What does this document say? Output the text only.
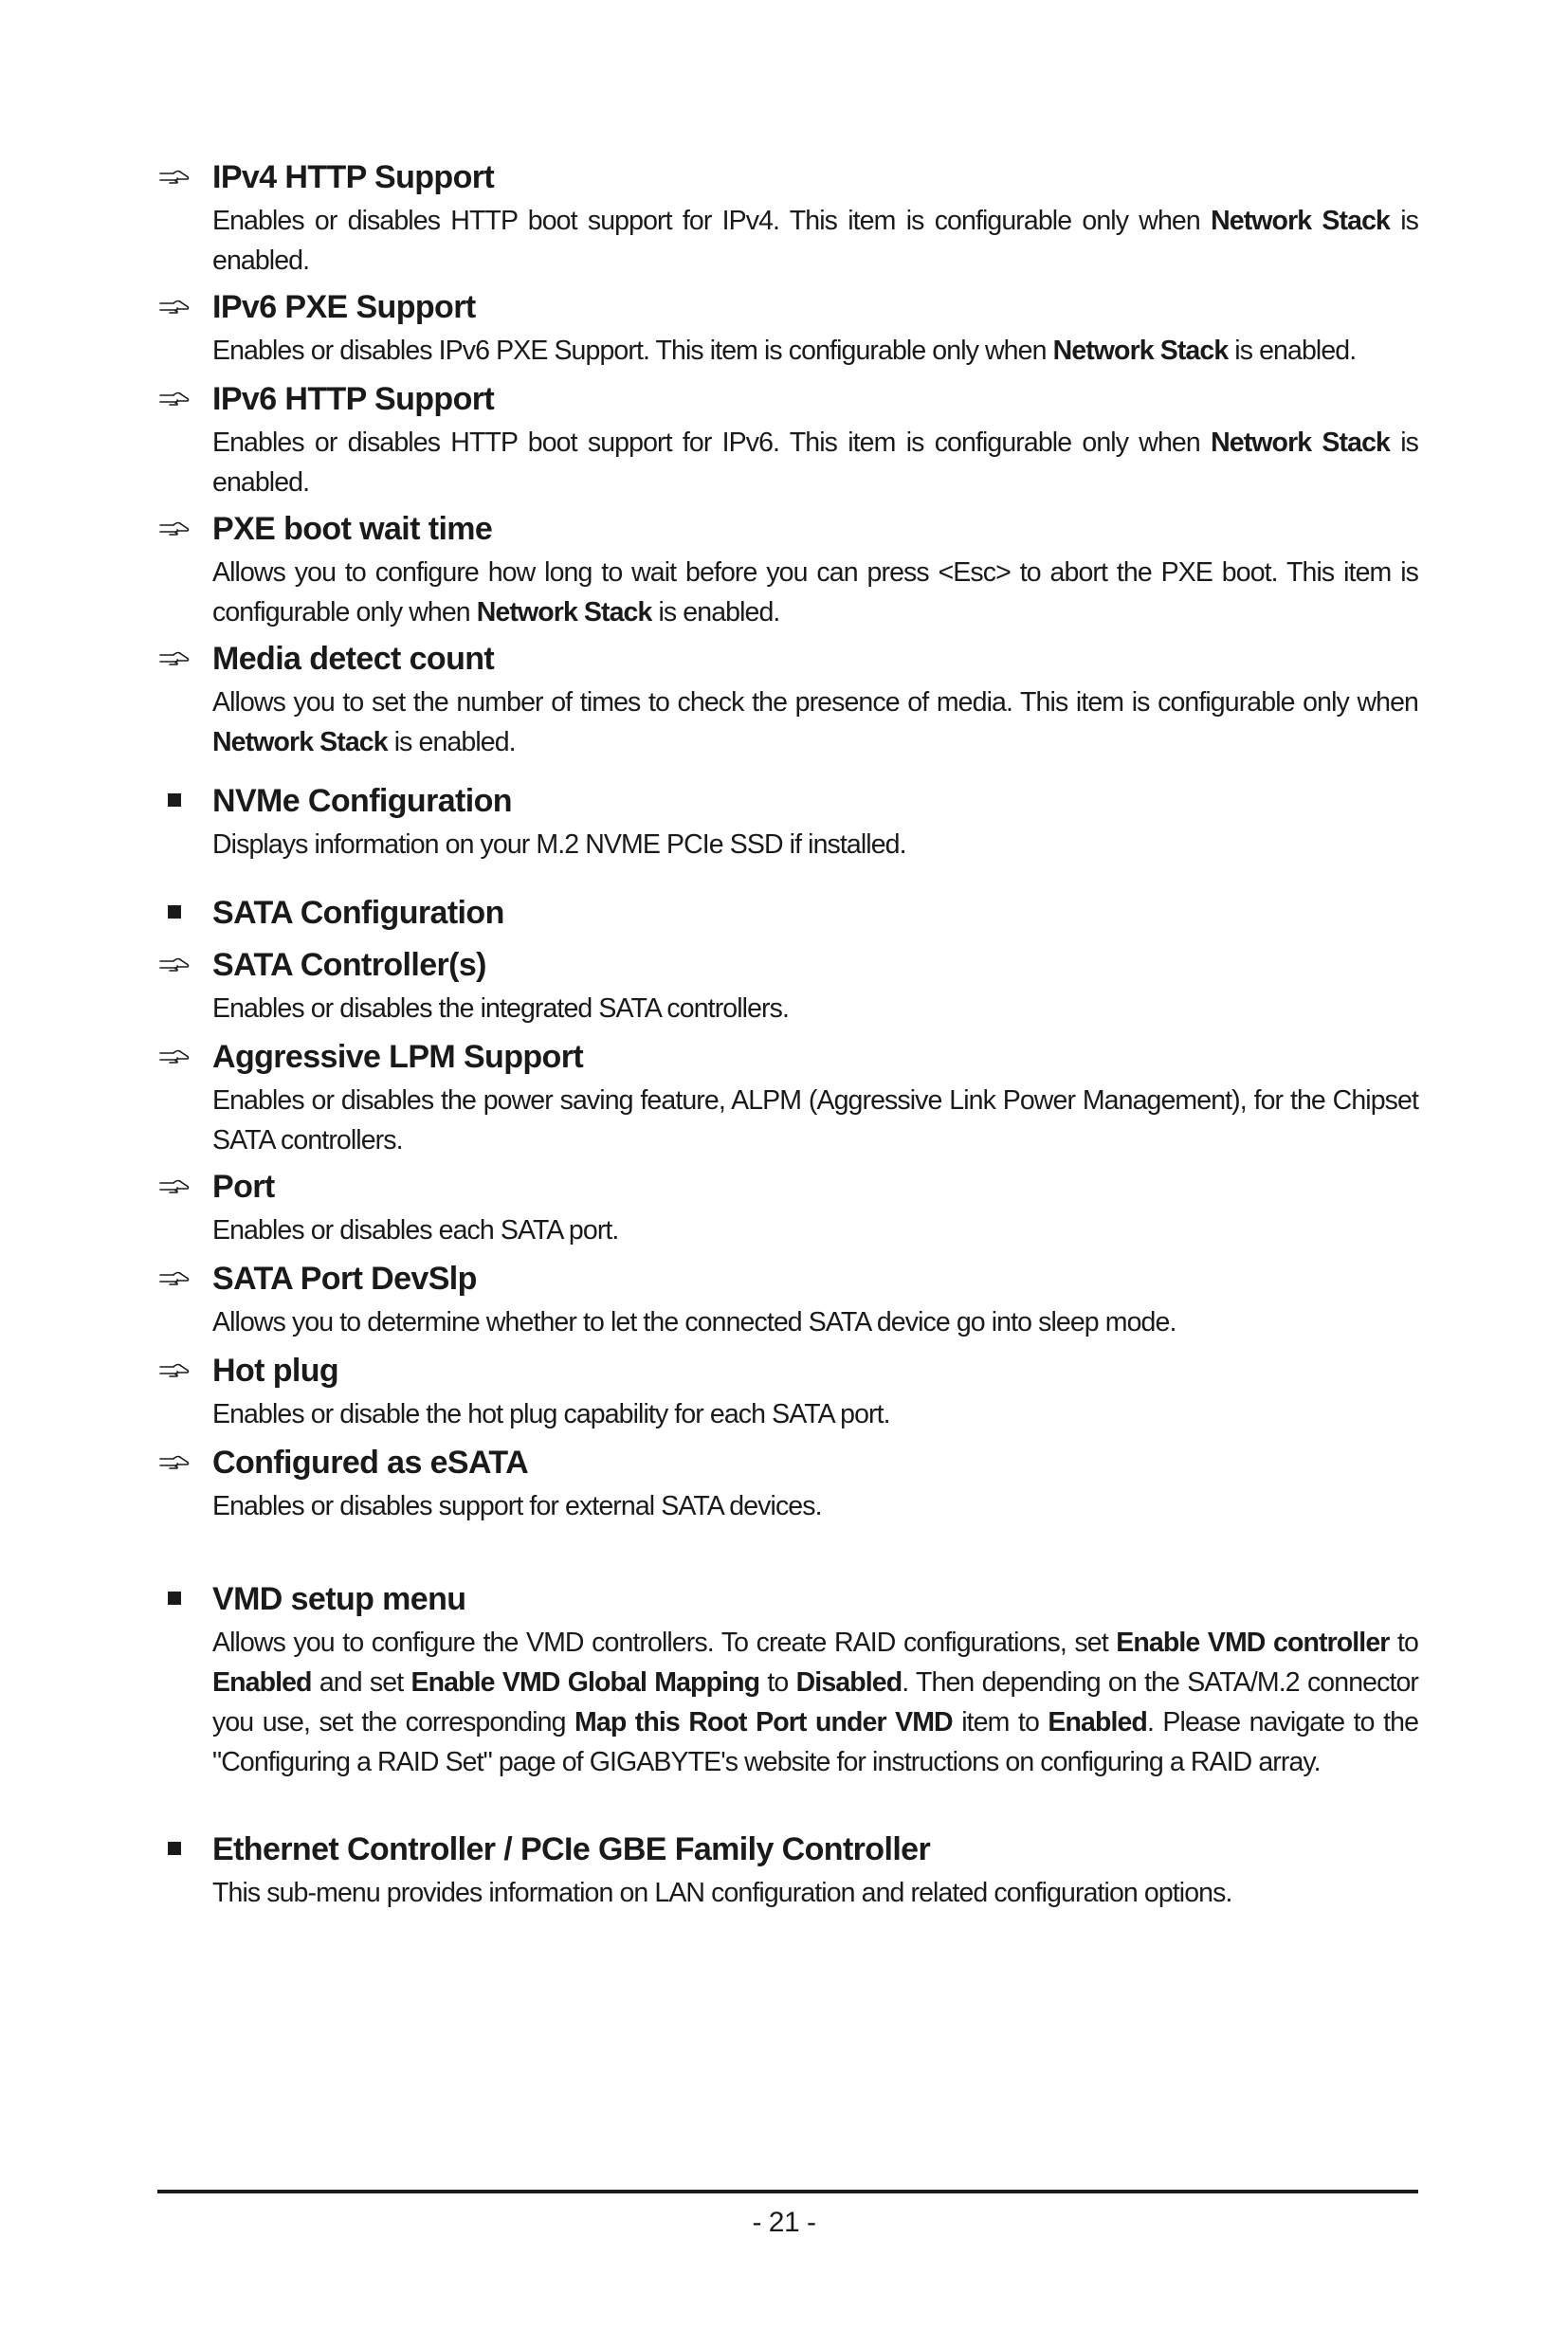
IPv4 HTTP Support

Enables or disables HTTP boot support for IPv4. This item is configurable only when Network Stack is enabled.

IPv6 PXE Support

Enables or disables IPv6 PXE Support. This item is configurable only when Network Stack is enabled.

IPv6 HTTP Support

Enables or disables HTTP boot support for IPv6. This item is configurable only when Network Stack is enabled.

PXE boot wait time

Allows you to configure how long to wait before you can press <Esc> to abort the PXE boot. This item is configurable only when Network Stack is enabled.

Media detect count

Allows you to set the number of times to check the presence of media. This item is configurable only when Network Stack is enabled.

NVMe Configuration

Displays information on your M.2 NVME PCIe SSD if installed.

SATA Configuration
SATA Controller(s)

Enables or disables the integrated SATA controllers.

Aggressive LPM Support

Enables or disables the power saving feature, ALPM (Aggressive Link Power Management), for the Chipset SATA controllers.

Port

Enables or disables each SATA port.

SATA Port DevSlp

Allows you to determine whether to let the connected SATA device go into sleep mode.

Hot plug

Enables or disable the hot plug capability for each SATA port.

Configured as eSATA

Enables or disables support for external SATA devices.

VMD setup menu

Allows you to configure the VMD controllers. To create RAID configurations, set Enable VMD controller to Enabled and set Enable VMD Global Mapping to Disabled. Then depending on the SATA/M.2 connector you use, set the corresponding Map this Root Port under VMD item to Enabled. Please navigate to the "Configuring a RAID Set" page of GIGABYTE's website for instructions on configuring a RAID array.

Ethernet Controller / PCIe GBE Family Controller

This sub-menu provides information on LAN configuration and related configuration options.

- 21 -
